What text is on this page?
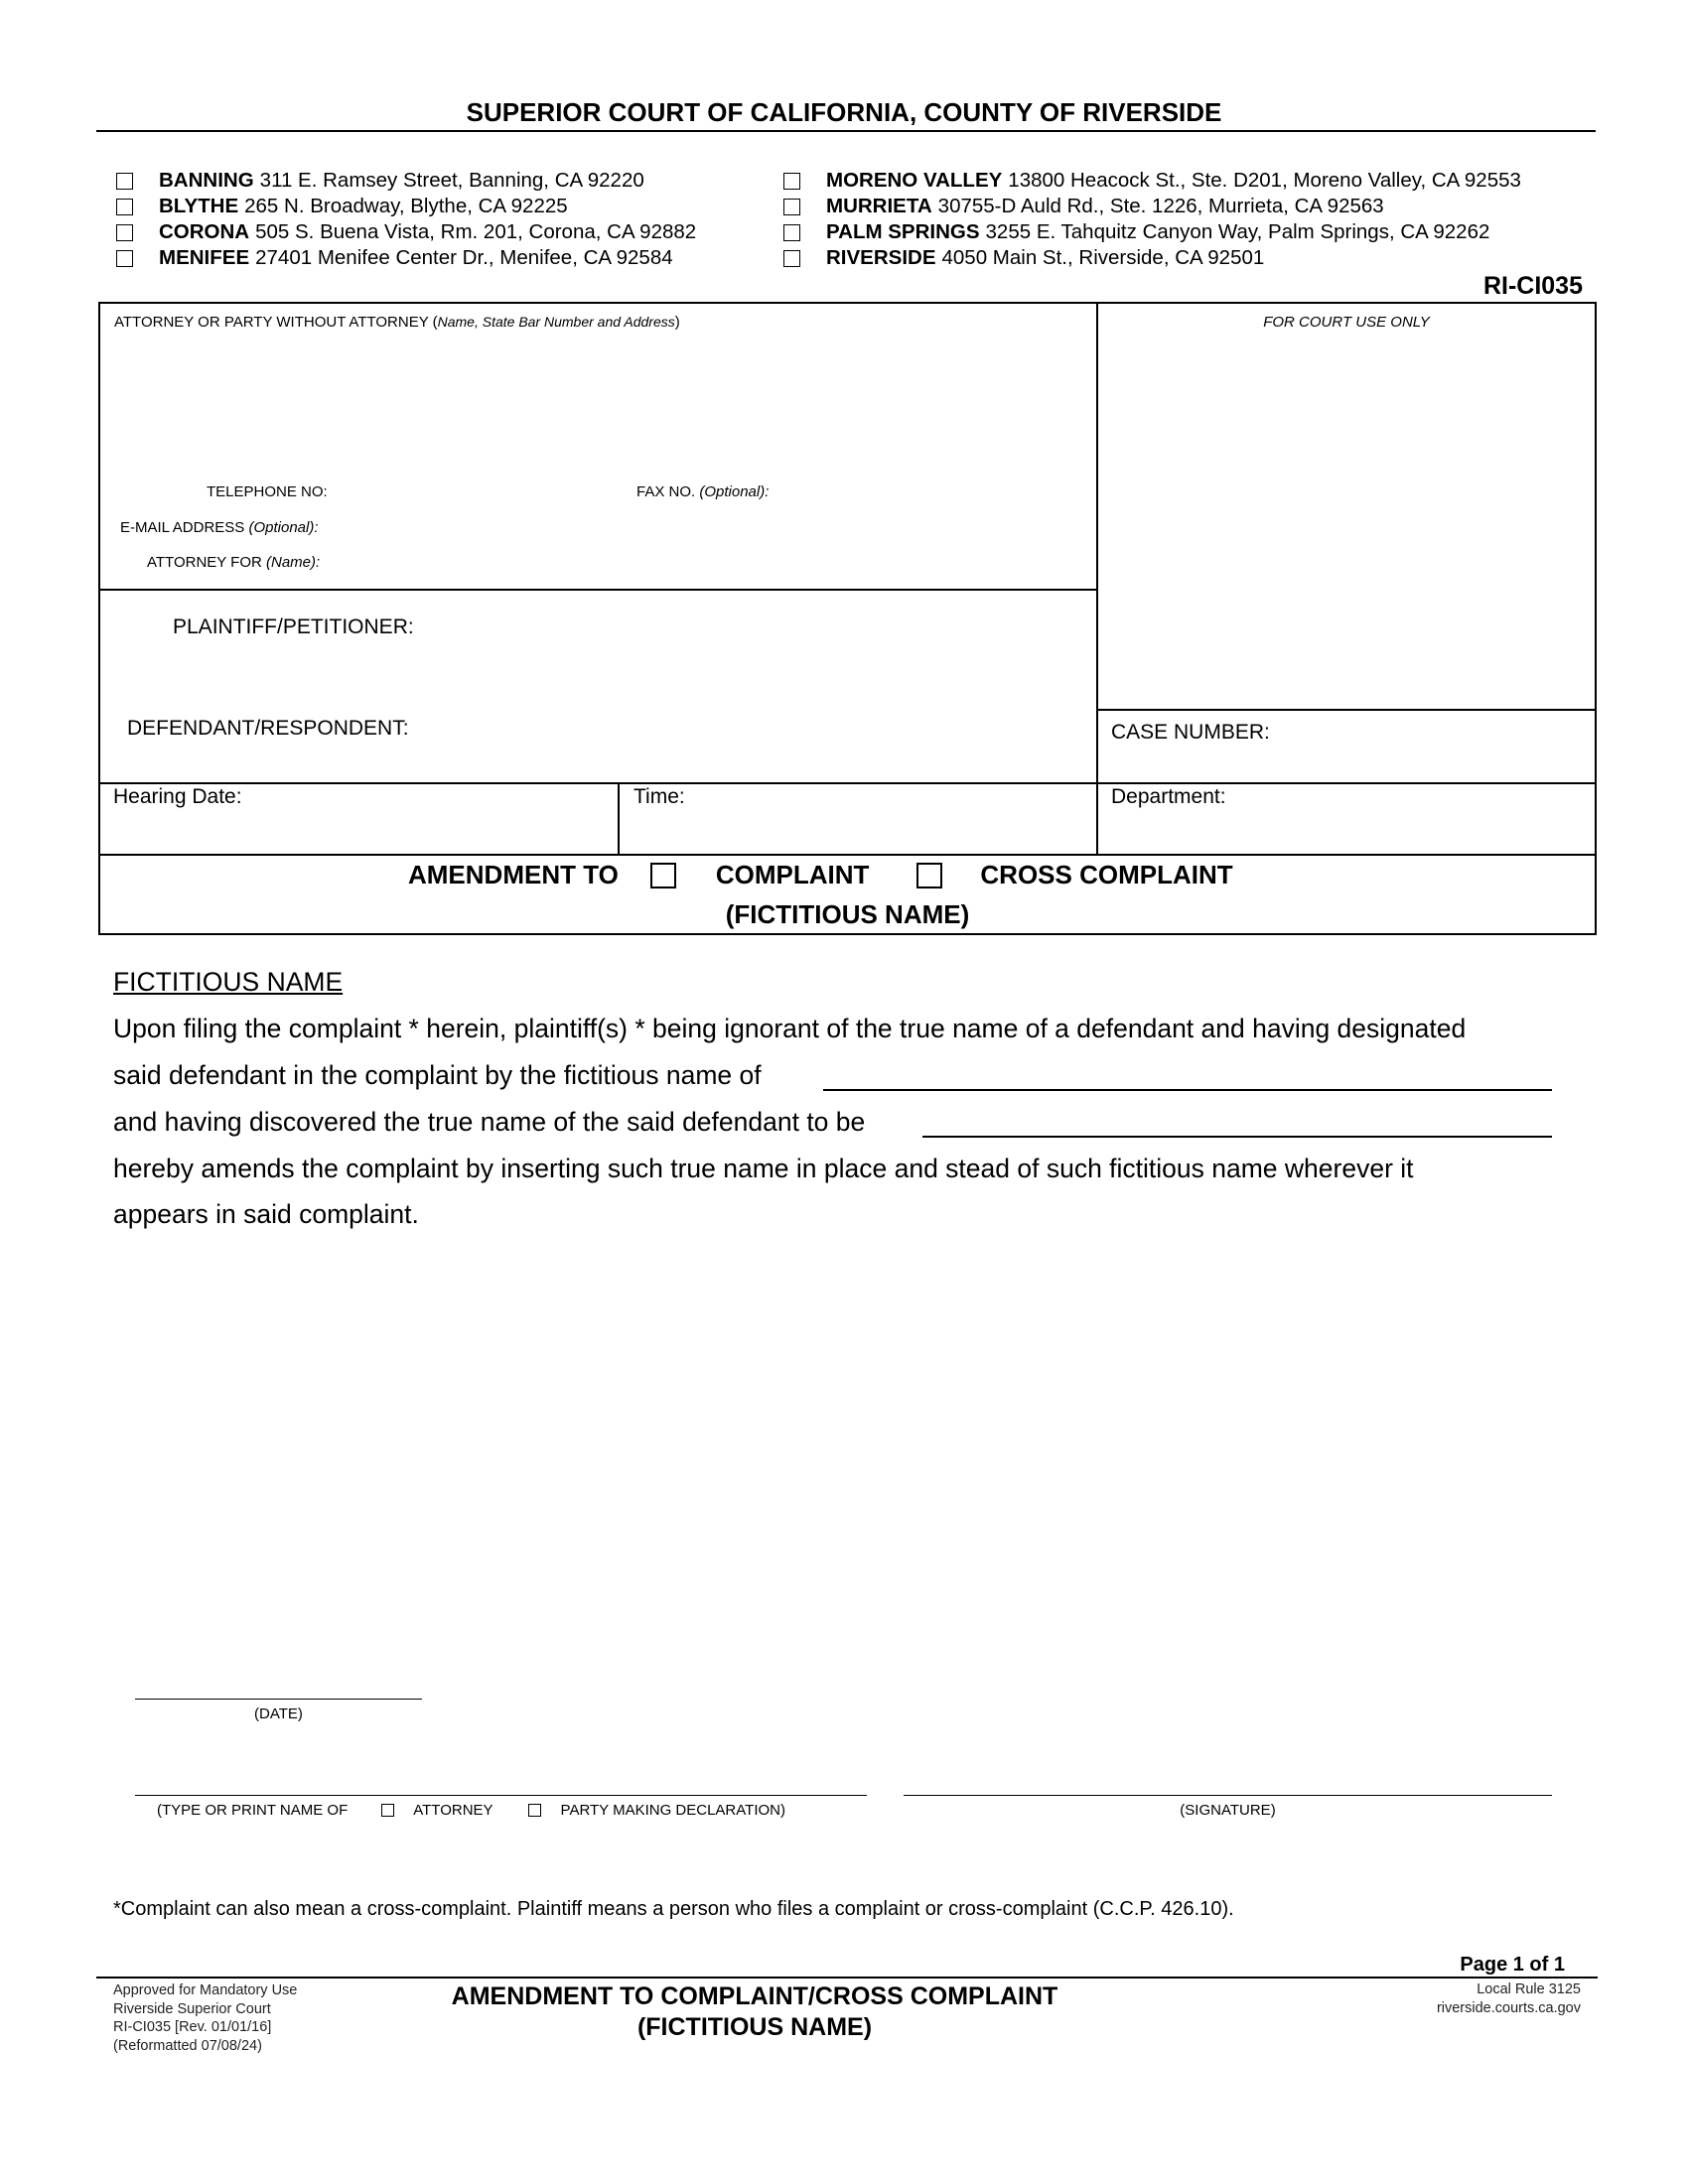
SUPERIOR COURT OF CALIFORNIA, COUNTY OF RIVERSIDE
BANNING 311 E. Ramsey Street, Banning, CA 92220
BLYTHE 265 N. Broadway, Blythe, CA 92225
CORONA 505 S. Buena Vista, Rm. 201, Corona, CA 92882
MENIFEE 27401 Menifee Center Dr., Menifee, CA 92584
MORENO VALLEY 13800 Heacock St., Ste. D201, Moreno Valley, CA 92553
MURRIETA 30755-D Auld Rd., Ste. 1226, Murrieta, CA 92563
PALM SPRINGS 3255 E. Tahquitz Canyon Way, Palm Springs, CA 92262
RIVERSIDE 4050 Main St., Riverside, CA 92501
RI-CI035
ATTORNEY OR PARTY WITHOUT ATTORNEY (Name, State Bar Number and Address)
TELEPHONE NO:	FAX NO. (Optional):
E-MAIL ADDRESS (Optional):
ATTORNEY FOR (Name):
FOR COURT USE ONLY
PLAINTIFF/PETITIONER:
DEFENDANT/RESPONDENT:	CASE NUMBER:
Hearing Date:	Time:	Department:
AMENDMENT TO	COMPLAINT	CROSS COMPLAINT
(FICTITIOUS NAME)
FICTITIOUS NAME
Upon filing the complaint * herein, plaintiff(s) * being ignorant of the true name of a defendant and having designated
said defendant in the complaint by the fictitious name of
and having discovered the true name of the said defendant to be
hereby amends the complaint by inserting such true name in place and stead of such fictitious name wherever it
appears in said complaint.
(DATE)
(TYPE OR PRINT NAME OF	ATTORNEY	PARTY MAKING DECLARATION)	(SIGNATURE)
*Complaint can also mean a cross-complaint. Plaintiff means a person who files a complaint or cross-complaint (C.C.P. 426.10).
Page 1 of 1
Approved for Mandatory Use
Riverside Superior Court
RI-CI035 [Rev. 01/01/16]
(Reformatted 07/08/24)
AMENDMENT TO COMPLAINT/CROSS COMPLAINT
(FICTITIOUS NAME)
Local Rule 3125
riverside.courts.ca.gov
